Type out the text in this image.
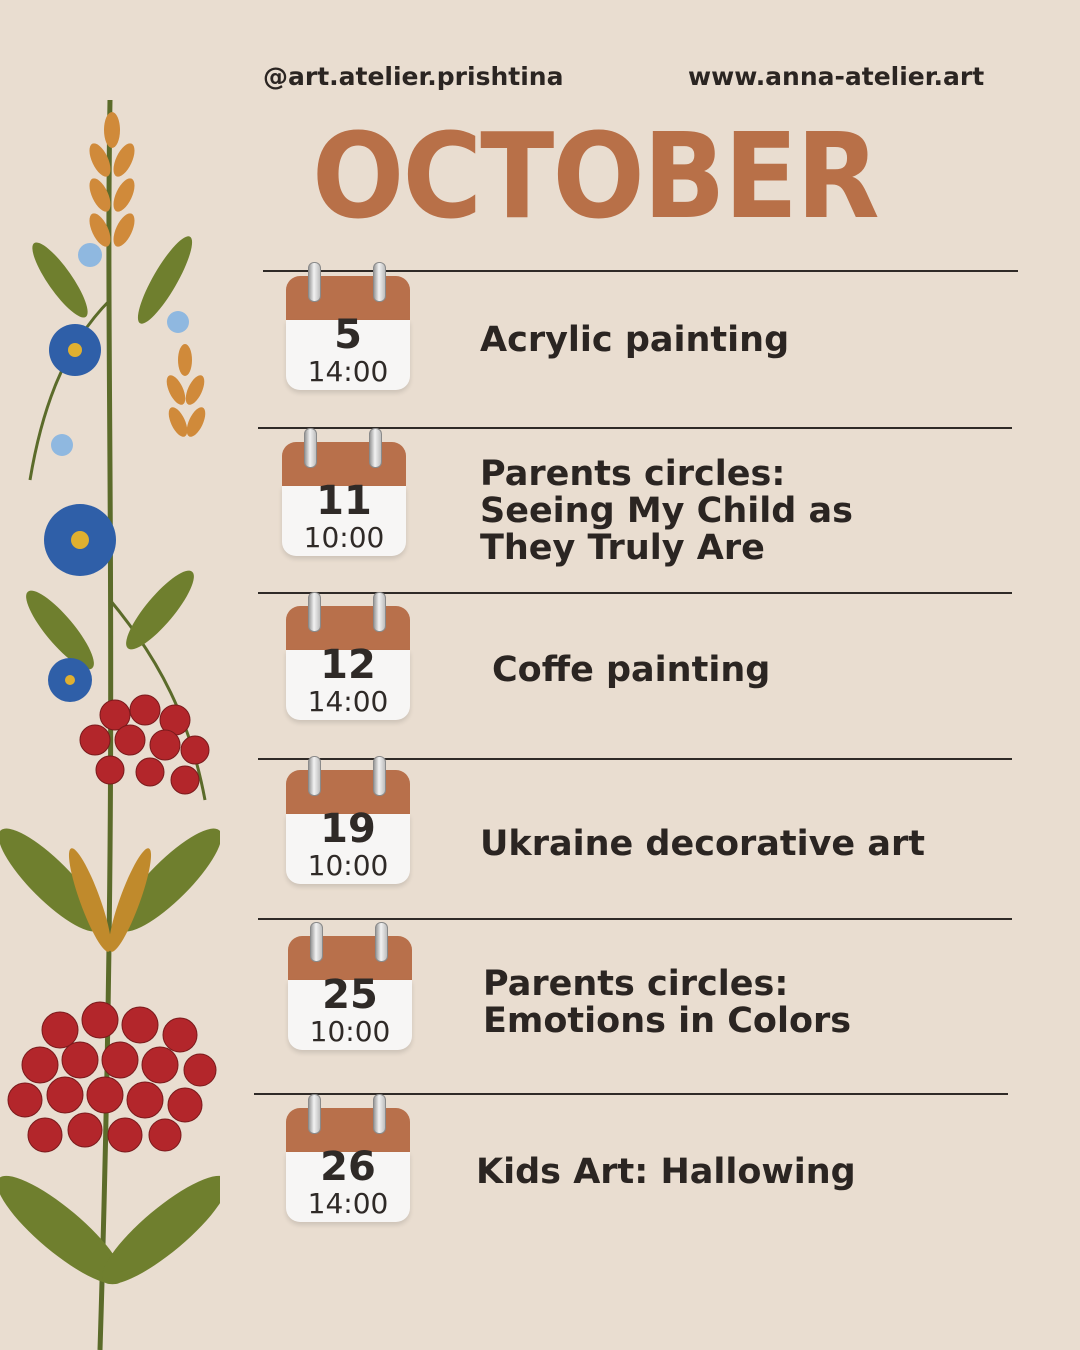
@art.atelier.prishtina	www.anna-atelier.art
OCTOBER
5
14:00
Acrylic painting
11
10:00
Parents circles:
Seeing My Child as
They Truly Are
12
14:00
Coffe painting
19
10:00
Ukraine decorative art
25
10:00
Parents circles:
Emotions in Colors
26
14:00
Kids Art: Hallowing
